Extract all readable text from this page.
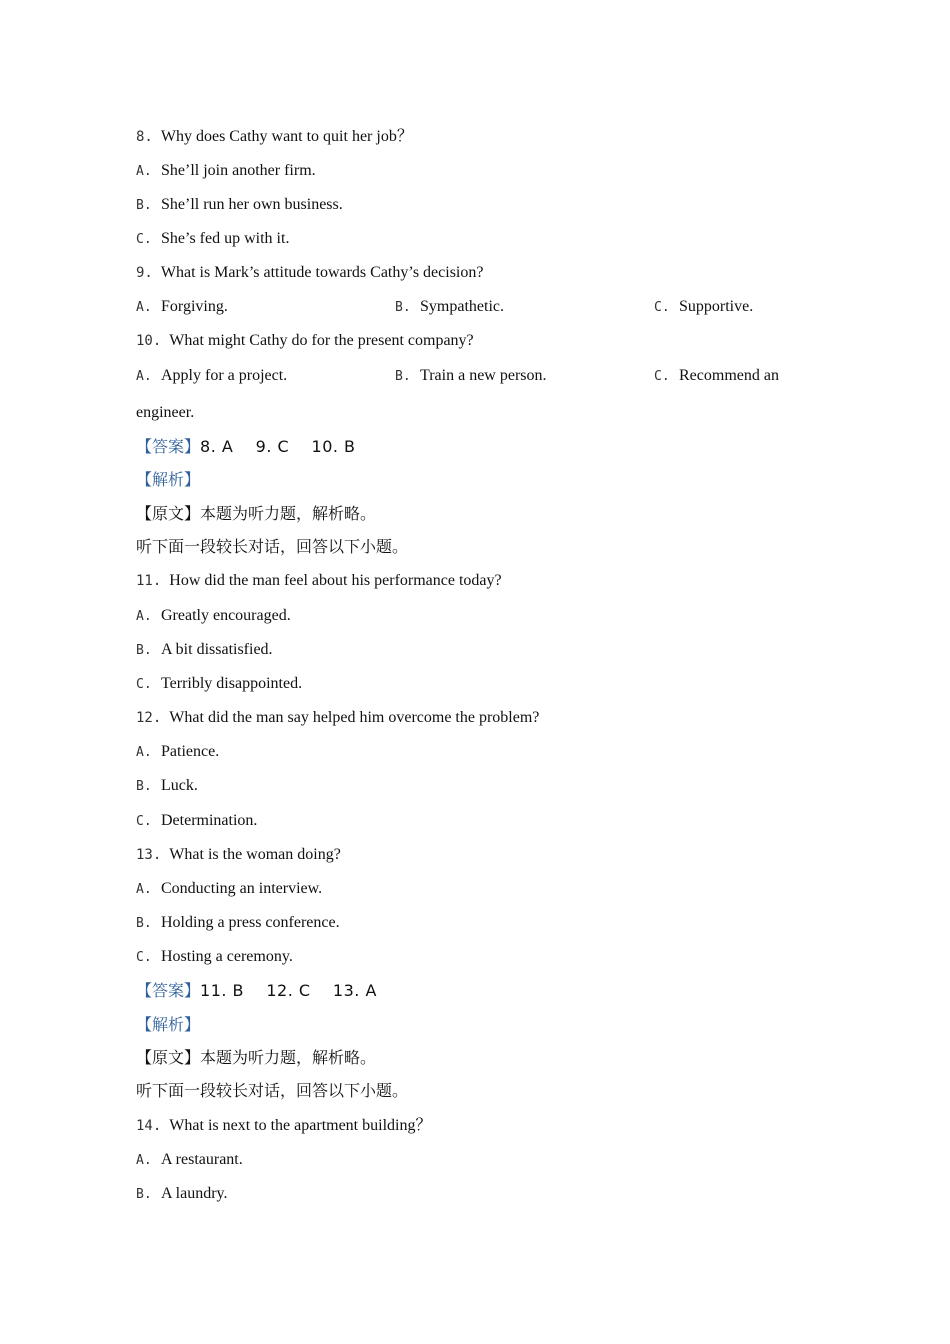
8. Why does Cathy want to quit her job？
A. She’ll join another firm.
B. She’ll run her own business.
C. She’s fed up with it.
9. What is Mark’s attitude towards Cathy’s decision?
A. Forgiving.	B. Sympathetic.	C. Supportive.
10. What might Cathy do for the present company?
A. Apply for a project.	B. Train a new person.	C. Recommend an
engineer.
【答案】8. A    9. C    10. B
【解析】
【原文】本题为听力题，解析略。
听下面一段较长对话，回答以下小题。
11. How did the man feel about his performance today?
A. Greatly encouraged.
B. A bit dissatisfied.
C. Terribly disappointed.
12. What did the man say helped him overcome the problem?
A. Patience.
B. Luck.
C. Determination.
13. What is the woman doing?
A. Conducting an interview.
B. Holding a press conference.
C. Hosting a ceremony.
【答案】11. B    12. C    13. A
【解析】
【原文】本题为听力题，解析略。
听下面一段较长对话，回答以下小题。
14. What is next to the apartment building？
A. A restaurant.
B. A laundry.
